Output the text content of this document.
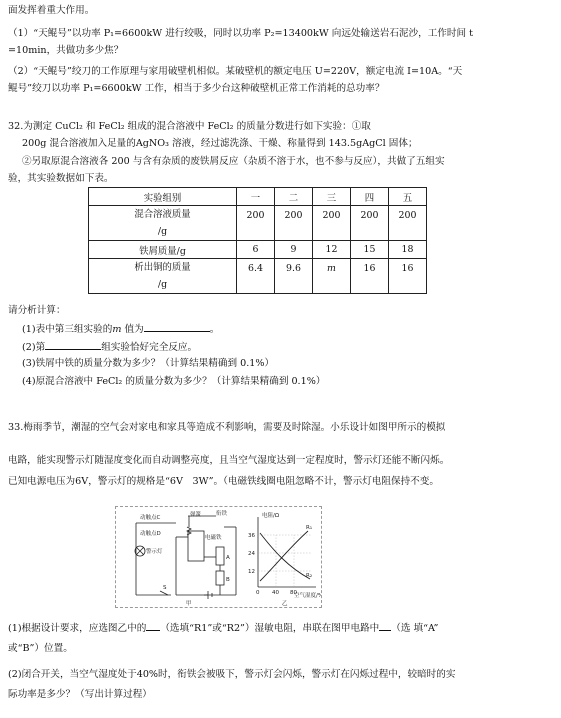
面发挥着重大作用。
（1）“天鲲号”以功率 P₁=6600kW 进行绞吸，同时以功率 P₂=13400kW 向远处输送岩石泥沙，工作时间 t
=10min，共做功多少焦？
（2）“天鲲号”绞刀的工作原理与家用破壁机相似。某破壁机的额定电压 U=220V，额定电流 I=10A。“天
鲲号”绞刀以功率 P₁=6600kW 工作，相当于多少台这种破壁机正常工作消耗的总功率？
32.为测定 CuCl₂ 和 FeCl₂ 组成的混合溶液中 FeCl₂ 的质量分数进行如下实验：①取
200g 混合溶液加入足量的AgNO₃ 溶液，经过滤洗涤、干燥、称量得到 143.5gAgCl 固体；
②另取原混合溶液各 200 与含有杂质的废铁屑反应（杂质不溶于水，也不参与反应），共做了五组实
验，其实验数据如下表。
实验组别	一	二	三	四	五

混合溶液质量
/g	200	200	200	200	200
铁屑质量/g	6	9	12	15	18

析出铜的质量
/g	6.4	9.6	m	16	16
请分析计算：
(1)表中第三组实验的m 值为	。
(2)第	组实验恰好完全反应。
(3)铁屑中铁的质量分数为多少？（计算结果精确到 0.1%）
(4)原混合溶液中 FeCl₂ 的质量分数为多少？（计算结果精确到 0.1%）
33.梅雨季节，潮湿的空气会对家电和家具等造成不利影响，需要及时除湿。小乐设计如图甲所示的模拟
电路，能实现警示灯随湿度变化而自动调整亮度，且当空气湿度达到一定程度时，警示灯还能不断闪烁。
已知电源电压为6V，警示灯的规格是“6V　3W”。（电磁铁线圈电阻忽略不计，警示灯电阻保持不变。
动触点C	弹簧	衔铁
动触点D
电磁铁
警示灯
A
B
S
甲
电阻/Ω
空气湿度/%
R₁
R₂
36
24
12
0 40 80
乙
(1)根据设计要求，应选图乙中的 （选填“R1”或“R2”）湿敏电阻，串联在图甲电路中 （选 填“A”
或“B”）位置。
(2)闭合开关，当空气湿度处于40%时，衔铁会被吸下，警示灯会闪烁，警示灯在闪烁过程中，较暗时的实
际功率是多少？（写出计算过程）
